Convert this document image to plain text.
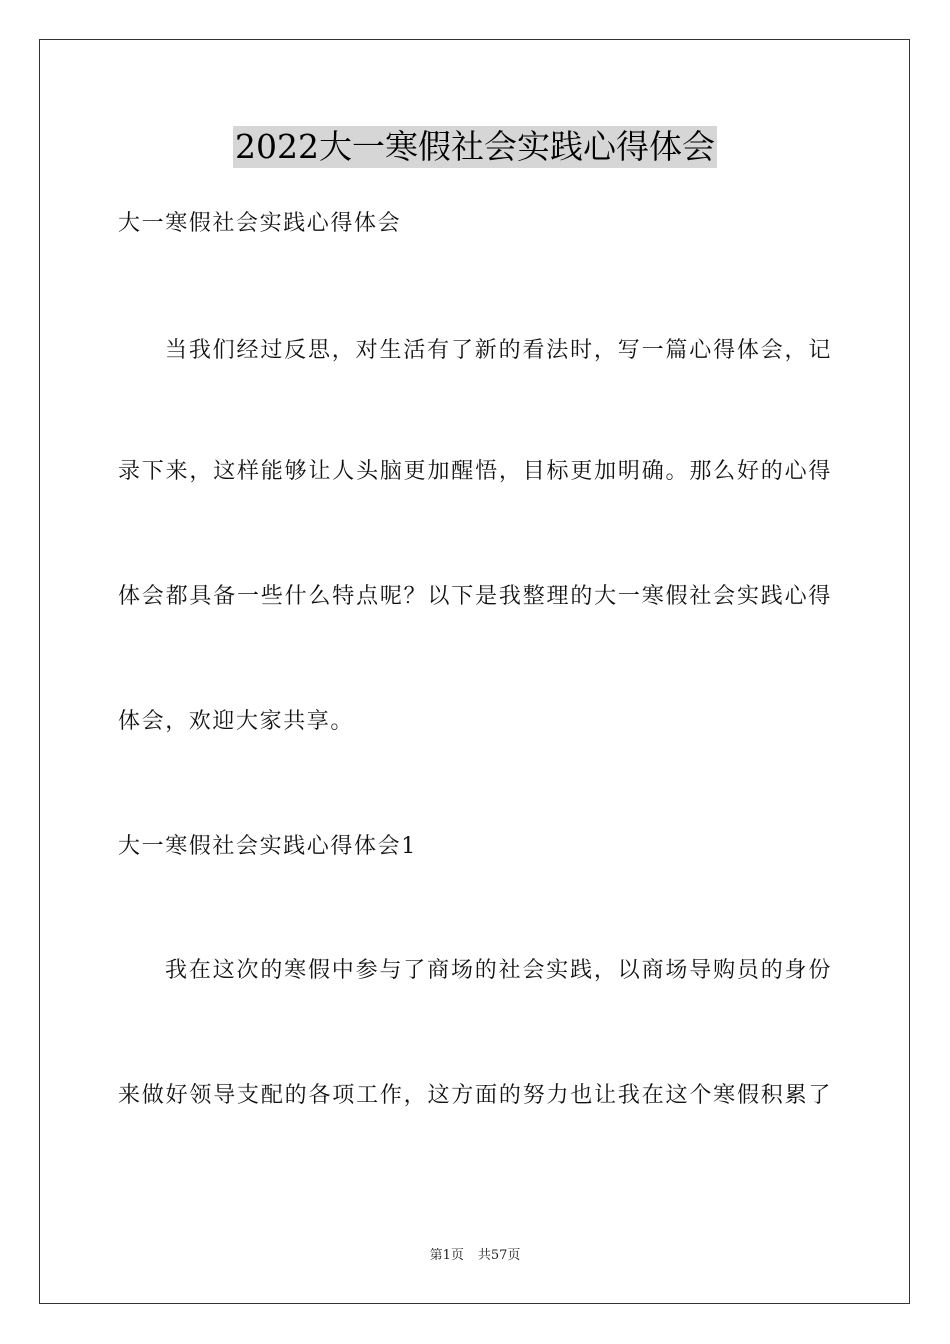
2022大一寒假社会实践心得体会
大一寒假社会实践心得体会
当我们经过反思，对生活有了新的看法时，写一篇心得体会，记
录下来，这样能够让人头脑更加醒悟，目标更加明确。那么好的心得
体会都具备一些什么特点呢？以下是我整理的大一寒假社会实践心得
体会，欢迎大家共享。
大一寒假社会实践心得体会1
我在这次的寒假中参与了商场的社会实践，以商场导购员的身份
来做好领导支配的各项工作，这方面的努力也让我在这个寒假积累了
第1页 共57页
